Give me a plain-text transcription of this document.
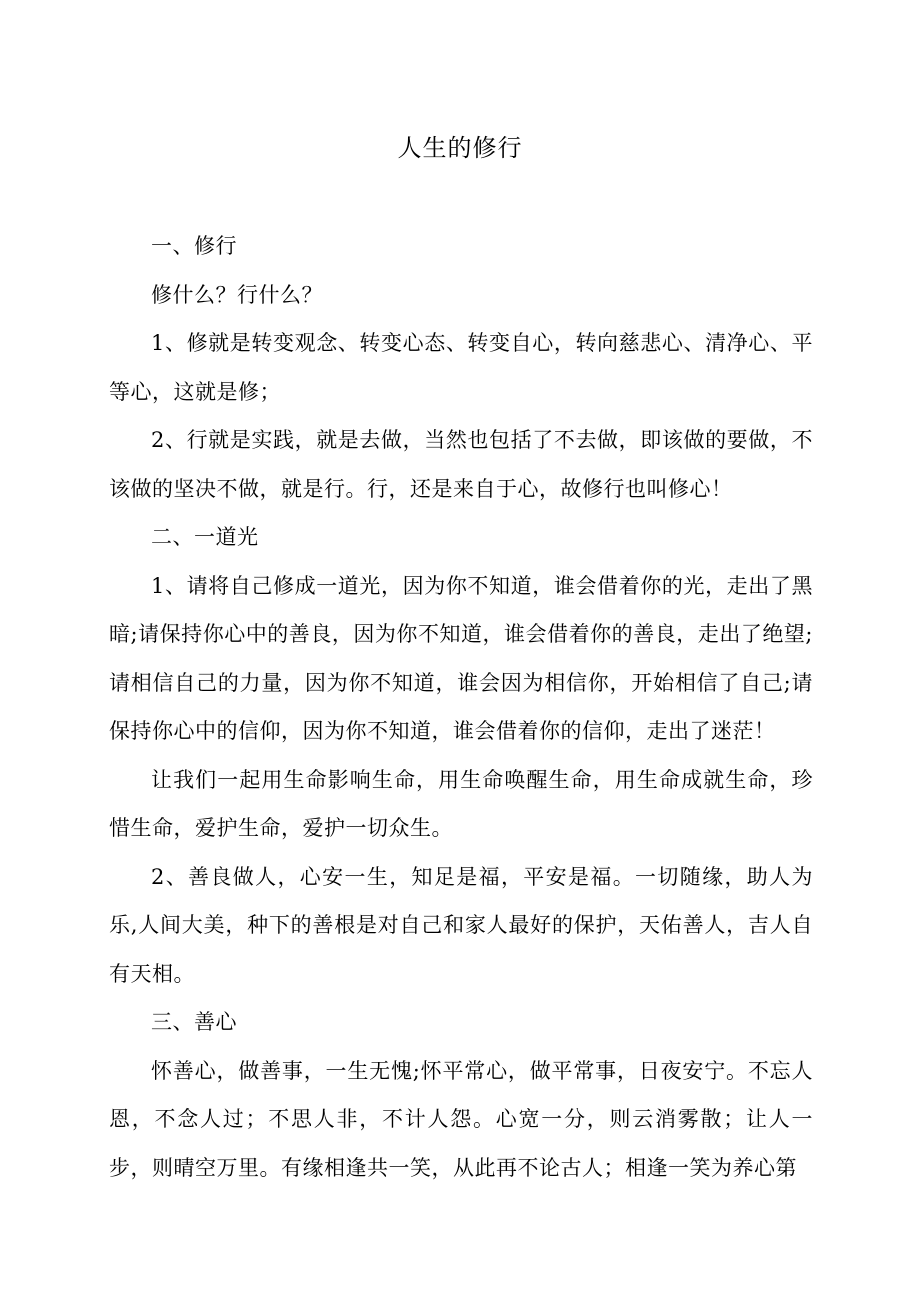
人生的修行

一、修行

修什么？行什么？

1、修就是转变观念、转变心态、转变自心，转向慈悲心、清净心、平等心，这就是修；

2、行就是实践，就是去做，当然也包括了不去做，即该做的要做，不该做的坚决不做，就是行。行，还是来自于心，故修行也叫修心！

二、一道光

1、请将自己修成一道光，因为你不知道，谁会借着你的光，走出了黑暗;请保持你心中的善良，因为你不知道，谁会借着你的善良，走出了绝望;请相信自己的力量，因为你不知道，谁会因为相信你，开始相信了自己;请保持你心中的信仰，因为你不知道，谁会借着你的信仰，走出了迷茫！

让我们一起用生命影响生命，用生命唤醒生命，用生命成就生命，珍惜生命，爱护生命，爱护一切众生。

2、善良做人，心安一生，知足是福，平安是福。一切随缘，助人为乐,人间大美，种下的善根是对自己和家人最好的保护，天佑善人，吉人自有天相。

三、善心

怀善心，做善事，一生无愧;怀平常心，做平常事，日夜安宁。不忘人恩，不念人过；不思人非，不计人怨。心宽一分，则云消雾散；让人一步，则晴空万里。有缘相逢共一笑，从此再不论古人；相逢一笑为养心第
